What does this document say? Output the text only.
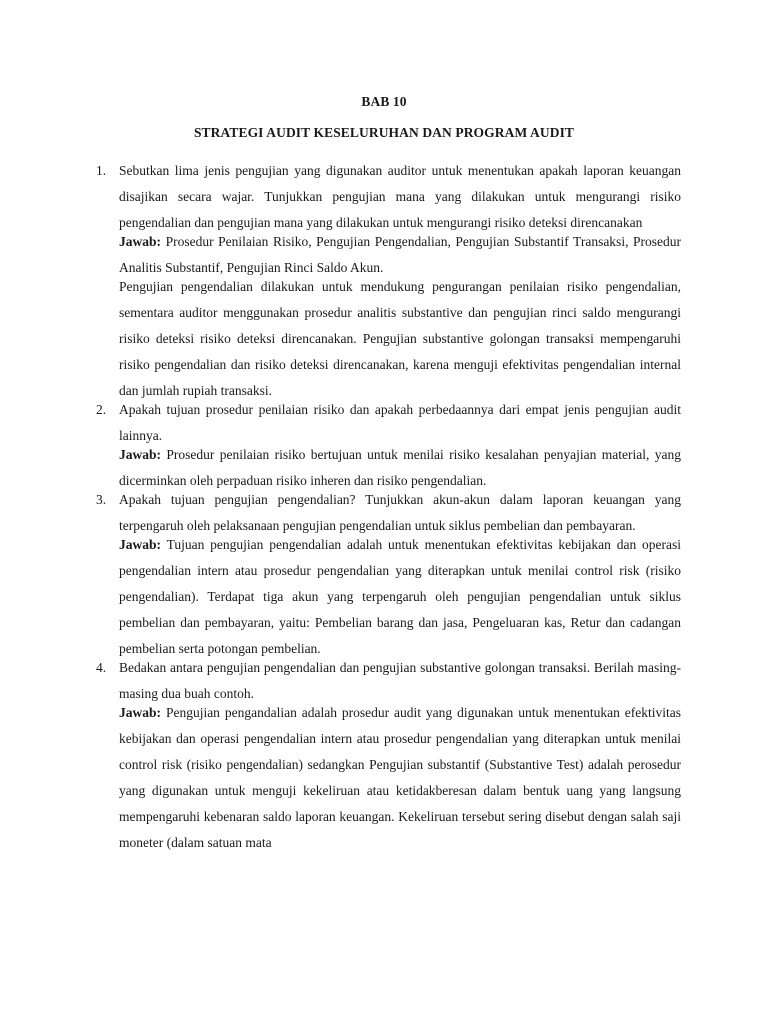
BAB 10
STRATEGI AUDIT KESELURUHAN DAN PROGRAM AUDIT
1. Sebutkan lima jenis pengujian yang digunakan auditor untuk menentukan apakah laporan keuangan disajikan secara wajar. Tunjukkan pengujian mana yang dilakukan untuk mengurangi risiko pengendalian dan pengujian mana yang dilakukan untuk mengurangi risiko deteksi direncanakan

Jawab: Prosedur Penilaian Risiko, Pengujian Pengendalian, Pengujian Substantif Transaksi, Prosedur Analitis Substantif, Pengujian Rinci Saldo Akun.

Pengujian pengendalian dilakukan untuk mendukung pengurangan penilaian risiko pengendalian, sementara auditor menggunakan prosedur analitis substantive dan pengujian rinci saldo mengurangi risiko deteksi risiko deteksi direncanakan. Pengujian substantive golongan transaksi mempengaruhi risiko pengendalian dan risiko deteksi direncanakan, karena menguji efektivitas pengendalian internal dan jumlah rupiah transaksi.

2. Apakah tujuan prosedur penilaian risiko dan apakah perbedaannya dari empat jenis pengujian audit lainnya.

Jawab: Prosedur penilaian risiko bertujuan untuk menilai risiko kesalahan penyajian material, yang dicerminkan oleh perpaduan risiko inheren dan risiko pengendalian.

3. Apakah tujuan pengujian pengendalian? Tunjukkan akun-akun dalam laporan keuangan yang terpengaruh oleh pelaksanaan pengujian pengendalian untuk siklus pembelian dan pembayaran.

Jawab: Tujuan pengujian pengendalian adalah untuk menentukan efektivitas kebijakan dan operasi pengendalian intern atau prosedur pengendalian yang diterapkan untuk menilai control risk (risiko pengendalian). Terdapat tiga akun yang terpengaruh oleh pengujian pengendalian untuk siklus pembelian dan pembayaran, yaitu: Pembelian barang dan jasa, Pengeluaran kas, Retur dan cadangan pembelian serta potongan pembelian.

4. Bedakan antara pengujian pengendalian dan pengujian substantive golongan transaksi. Berilah masing-masing dua buah contoh.

Jawab: Pengujian pengandalian adalah prosedur audit yang digunakan untuk menentukan efektivitas kebijakan dan operasi pengendalian intern atau prosedur pengendalian yang diterapkan untuk menilai control risk (risiko pengendalian) sedangkan Pengujian substantif (Substantive Test) adalah perosedur yang digunakan untuk menguji kekeliruan atau ketidakberesan dalam bentuk uang yang langsung mempengaruhi kebenaran saldo laporan keuangan. Kekeliruan tersebut sering disebut dengan salah saji moneter (dalam satuan mata
